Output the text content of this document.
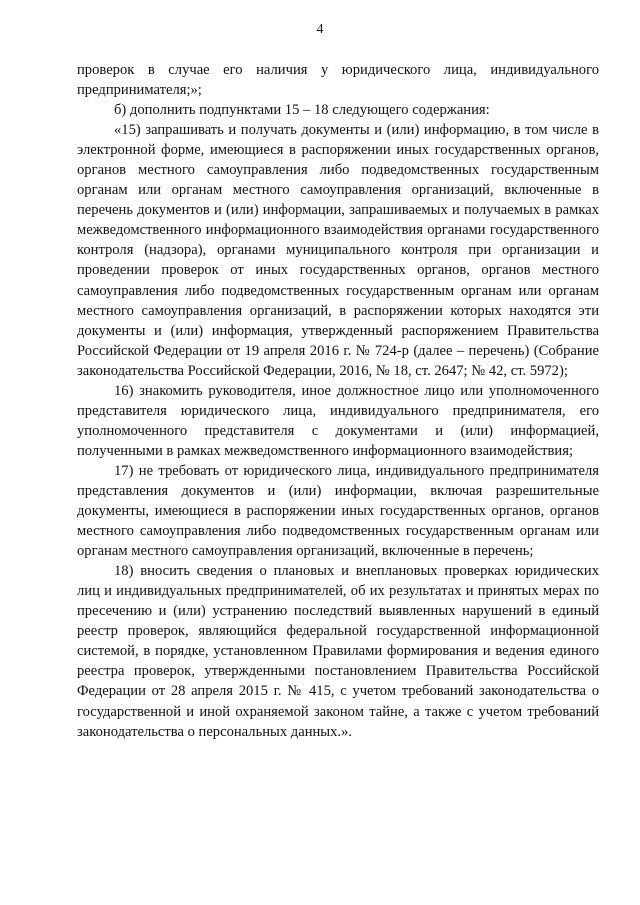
4

проверок в случае его наличия у юридического лица, индивидуального предпринимателя;»;

б) дополнить подпунктами 15 – 18 следующего содержания:

«15) запрашивать и получать документы и (или) информацию, в том числе в электронной форме, имеющиеся в распоряжении иных государственных органов, органов местного самоуправления либо подведомственных государственным органам или органам местного самоуправления организаций, включенные в перечень документов и (или) информации, запрашиваемых и получаемых в рамках межведомственного информационного взаимодействия органами государственного контроля (надзора), органами муниципального контроля при организации и проведении проверок от иных государственных органов, органов местного самоуправления либо подведомственных государственным органам или органам местного самоуправления организаций, в распоряжении которых находятся эти документы и (или) информация, утвержденный распоряжением Правительства Российской Федерации от 19 апреля 2016 г. № 724-р (далее – перечень) (Собрание законодательства Российской Федерации, 2016, № 18, ст. 2647; № 42, ст. 5972);

16) знакомить руководителя, иное должностное лицо или уполномоченного представителя юридического лица, индивидуального предпринимателя, его уполномоченного представителя с документами и (или) информацией, полученными в рамках межведомственного информационного взаимодействия;

17) не требовать от юридического лица, индивидуального предпринимателя представления документов и (или) информации, включая разрешительные документы, имеющиеся в распоряжении иных государственных органов, органов местного самоуправления либо подведомственных государственным органам или органам местного самоуправления организаций, включенные в перечень;

18) вносить сведения о плановых и внеплановых проверках юридических лиц и индивидуальных предпринимателей, об их результатах и принятых мерах по пресечению и (или) устранению последствий выявленных нарушений в единый реестр проверок, являющийся федеральной государственной информационной системой, в порядке, установленном Правилами формирования и ведения единого реестра проверок, утвержденными постановлением Правительства Российской Федерации от 28 апреля 2015 г. № 415, с учетом требований законодательства о государственной и иной охраняемой законом тайне, а также с учетом требований законодательства о персональных данных.».
